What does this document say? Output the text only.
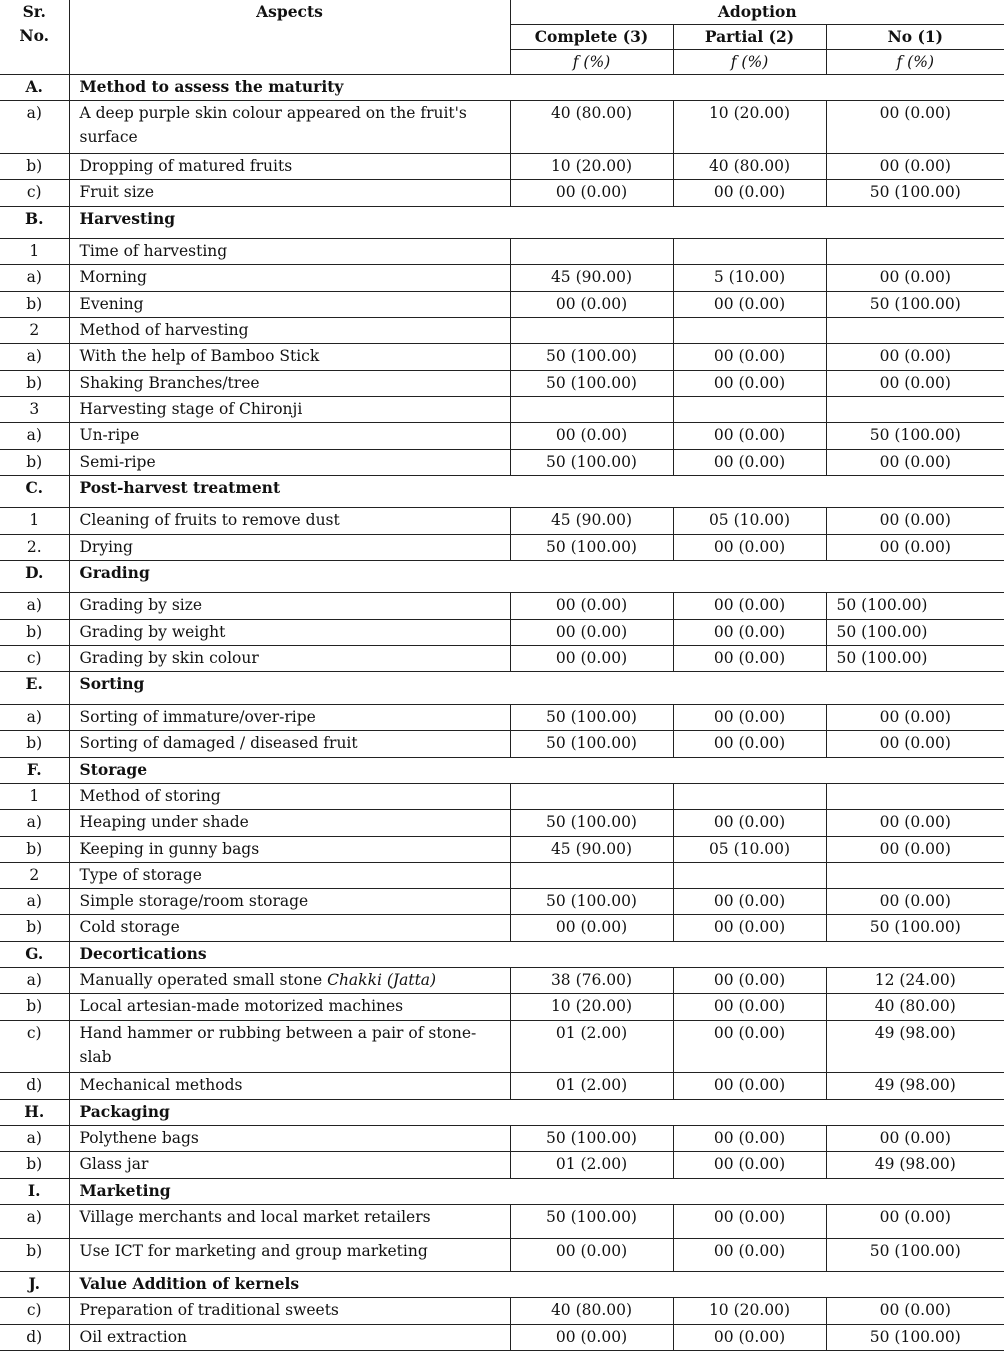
Sr. No.	Aspects	Adoption		
		Complete (3)	Partial (2)	No (1)
		f (%)	f (%)	f (%)
A.	Method to assess the maturity			
a)	A deep purple skin colour appeared on the fruit's surface	40 (80.00)	10 (20.00)	00 (0.00)
b)	Dropping of matured fruits	10 (20.00)	40 (80.00)	00 (0.00)
c)	Fruit size	00 (0.00)	00 (0.00)	50 (100.00)
B.	Harvesting			
1	Time of harvesting			
a)	Morning	45 (90.00)	5 (10.00)	00 (0.00)
b)	Evening	00 (0.00)	00 (0.00)	50 (100.00)
2	Method of harvesting			
a)	With the help of Bamboo Stick	50 (100.00)	00 (0.00)	00 (0.00)
b)	Shaking Branches/tree	50 (100.00)	00 (0.00)	00 (0.00)
3	Harvesting stage of Chironji			
a)	Un-ripe	00 (0.00)	00 (0.00)	50 (100.00)
b)	Semi-ripe	50 (100.00)	00 (0.00)	00 (0.00)
C.	Post-harvest treatment			
1	Cleaning of fruits to remove dust	45 (90.00)	05 (10.00)	00 (0.00)
2.	Drying	50 (100.00)	00 (0.00)	00 (0.00)
D.	Grading			
a)	Grading by size	00 (0.00)	00 (0.00)	50 (100.00)
b)	Grading by weight	00 (0.00)	00 (0.00)	50 (100.00)
c)	Grading by skin colour	00 (0.00)	00 (0.00)	50 (100.00)
E.	Sorting			
a)	Sorting of immature/over-ripe	50 (100.00)	00 (0.00)	00 (0.00)
b)	Sorting of damaged / diseased fruit	50 (100.00)	00 (0.00)	00 (0.00)
F.	Storage			
1	Method of storing			
a)	Heaping under shade	50 (100.00)	00 (0.00)	00 (0.00)
b)	Keeping in gunny bags	45 (90.00)	05 (10.00)	00 (0.00)
2	Type of storage			
a)	Simple storage/room storage	50 (100.00)	00 (0.00)	00 (0.00)
b)	Cold storage	00 (0.00)	00 (0.00)	50 (100.00)
G.	Decortications			
a)	Manually operated small stone Chakki (Jatta)	38 (76.00)	00 (0.00)	12 (24.00)
b)	Local artesian-made motorized machines	10 (20.00)	00 (0.00)	40 (80.00)
c)	Hand hammer or rubbing between a pair of stone-slab	01 (2.00)	00 (0.00)	49 (98.00)
d)	Mechanical methods	01 (2.00)	00 (0.00)	49 (98.00)
H.	Packaging			
a)	Polythene bags	50 (100.00)	00 (0.00)	00 (0.00)
b)	Glass jar	01 (2.00)	00 (0.00)	49 (98.00)
I.	Marketing			
a)	Village merchants and local market retailers	50 (100.00)	00 (0.00)	00 (0.00)
b)	Use ICT for marketing and group marketing	00 (0.00)	00 (0.00)	50 (100.00)
J.	Value Addition of kernels			
c)	Preparation of traditional sweets	40 (80.00)	10 (20.00)	00 (0.00)
d)	Oil extraction	00 (0.00)	00 (0.00)	50 (100.00)
